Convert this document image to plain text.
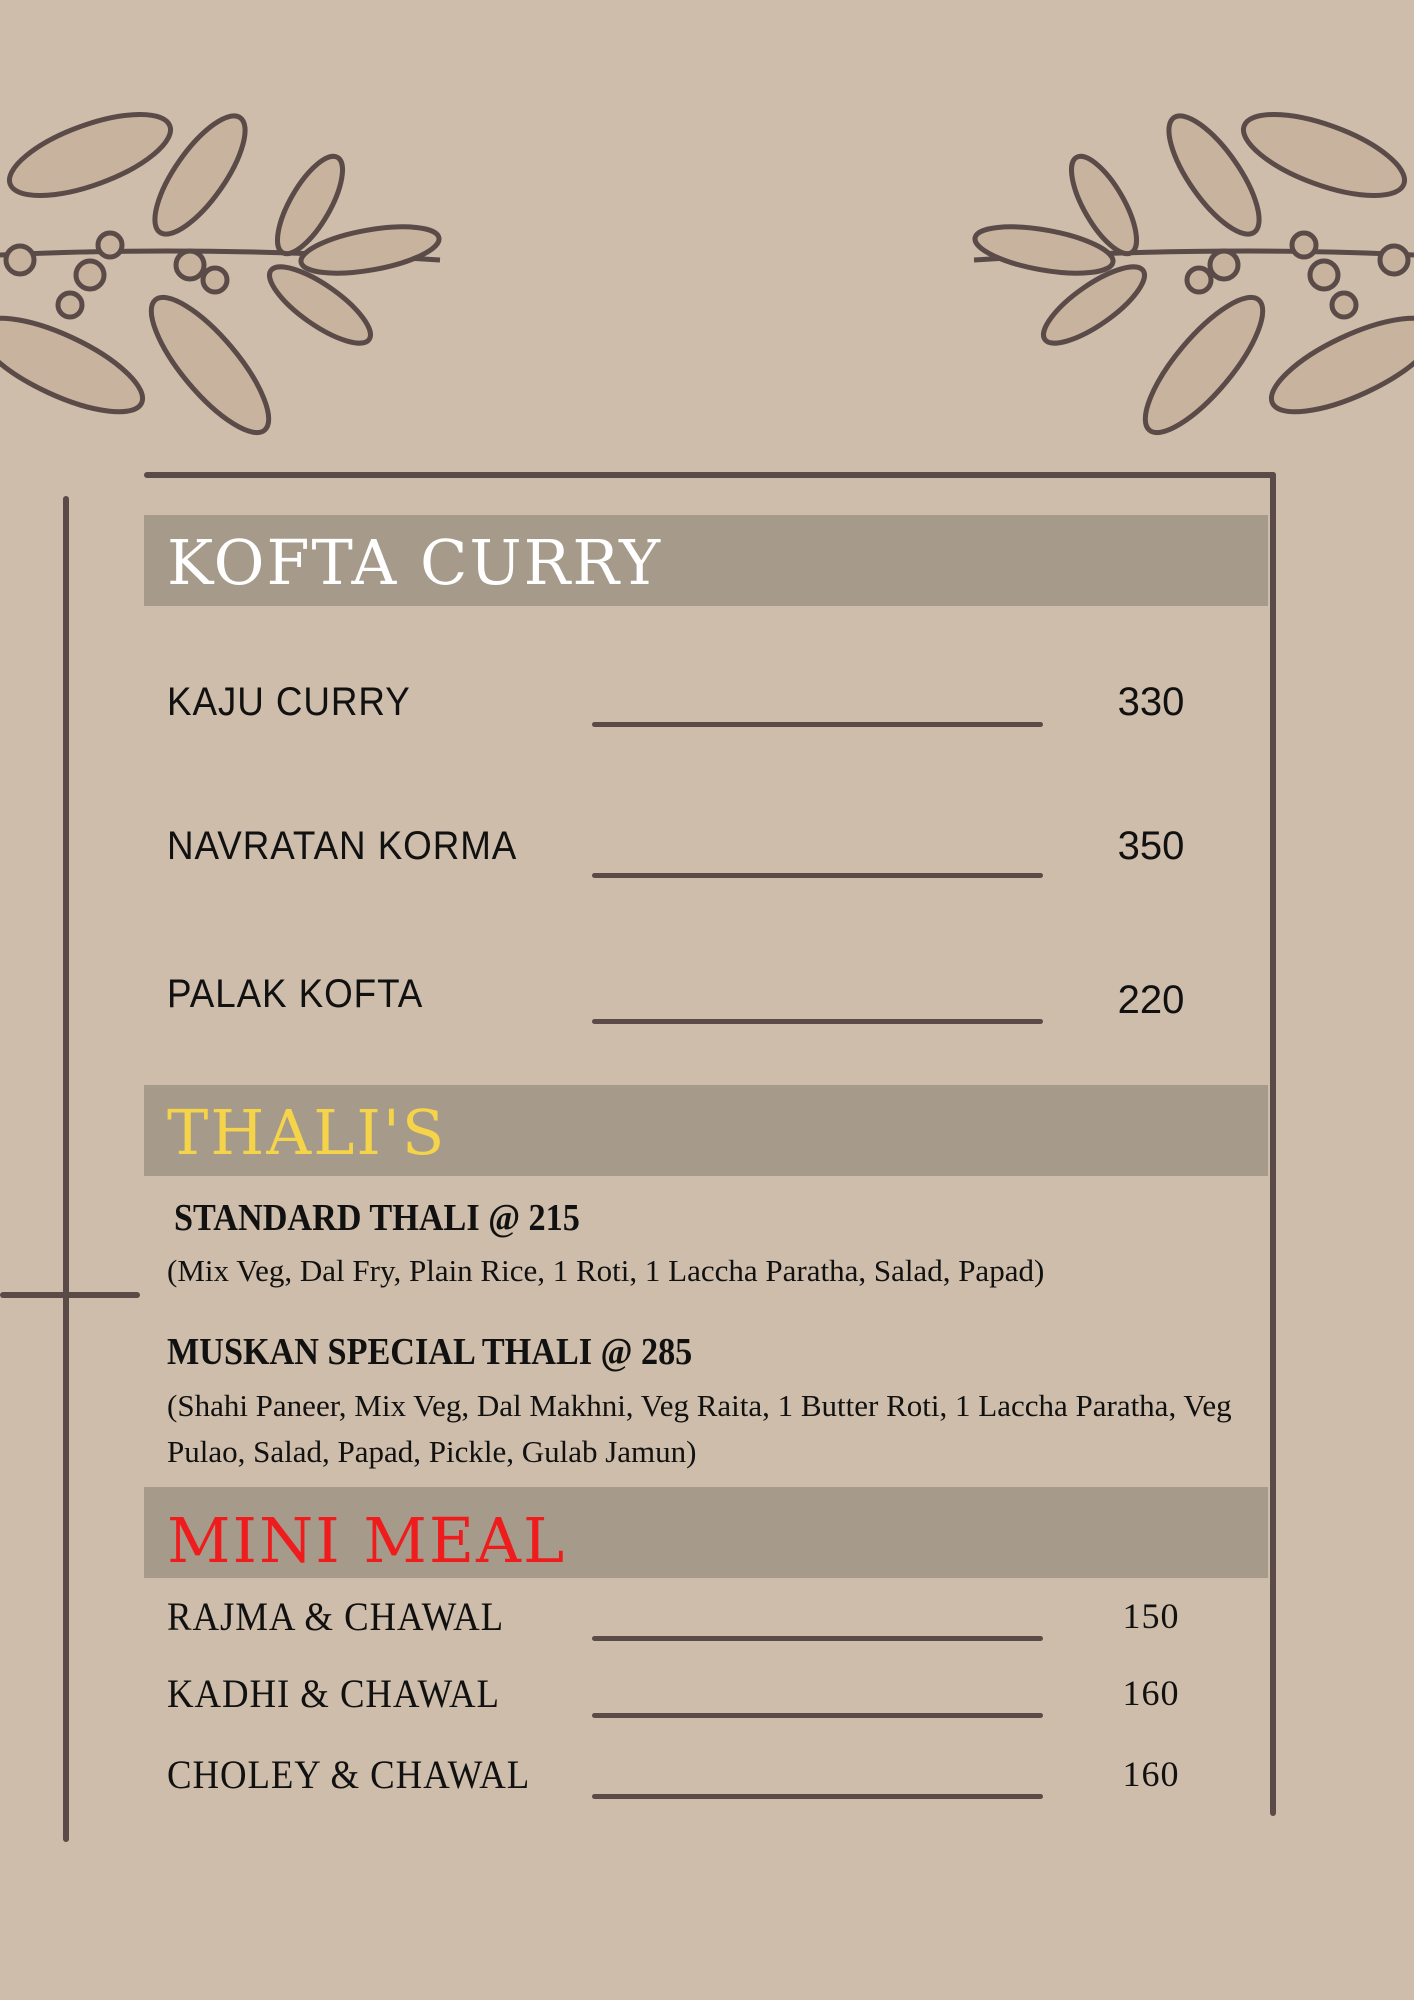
KOFTA CURRY
KAJU CURRY	330
NAVRATAN KORMA	350
PALAK KOFTA	220
THALI'S
STANDARD THALI @ 215
(Mix Veg, Dal Fry, Plain Rice, 1 Roti, 1 Laccha Paratha, Salad, Papad)
MUSKAN SPECIAL THALI @ 285
(Shahi Paneer, Mix Veg, Dal Makhni, Veg Raita, 1 Butter Roti, 1 Laccha Paratha, Veg Pulao, Salad, Papad, Pickle, Gulab Jamun)
MINI MEAL
RAJMA & CHAWAL	150
KADHI & CHAWAL	160
CHOLEY & CHAWAL	160
